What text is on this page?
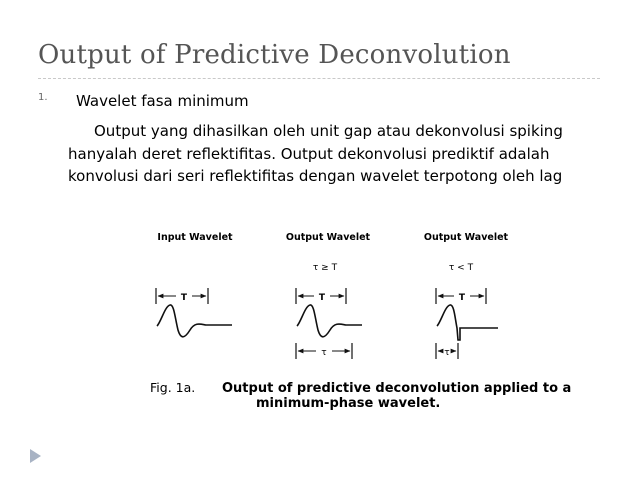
Output of Predictive Deconvolution
1. Wavelet fasa minimum

Output yang dihasilkan oleh unit gap atau dekonvolusi spiking hanyalah deret reflektifitas. Output dekonvolusi prediktif adalah konvolusi dari seri reflektifitas dengan wavelet terpotong oleh lag

Input Wavelet
T
Output Wavelet
τ ≥ T
T
τ
Output Wavelet
τ < T
T
τ
Fig. 1a. Output of predictive deconvolution applied to a
minimum-phase wavelet.
